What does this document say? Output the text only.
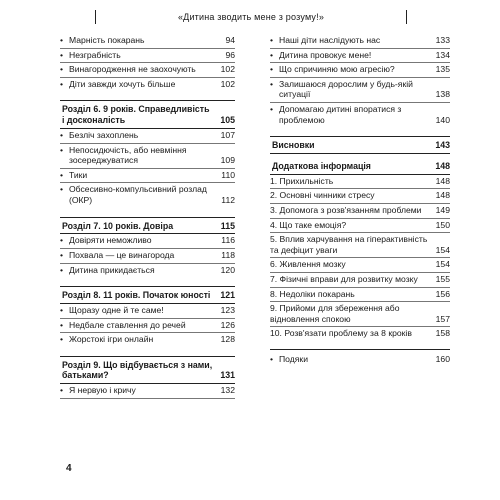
«Дитина зводить мене з розуму!»
• Марність покарань	94
• Незграбність	96
• Винагородження не заохочують	102
• Діти завжди хочуть більше	102
Розділ 6. 9 років. Справедливість і досконалість	105
• Безліч захоплень	107
• Непосидючість, або невміння зосереджуватися	109
• Тики	110
• Обсесивно-компульсивний розлад (ОКР)	112
Розділ 7. 10 років. Довіра	115
• Довіряти неможливо	116
• Похвала — це винагорода	118
• Дитина прикидається	120
Розділ 8. 11 років. Початок юності 121
• Щоразу одне й те саме!	123
• Недбале ставлення до речей	126
• Жорстокі ігри онлайн	128
Розділ 9. Що відбувається з нами, батьками?	131
• Я нервую і кричу	132
• Наші діти наслідують нас	133
• Дитина провокує мене!	134
• Що спричиняю мою агресію?	135
• Залишаюся дорослим у будь-якій ситуації	138
• Допомагаю дитині впоратися з проблемою	140
Висновки	143
Додаткова інформація	148
1. Прихильність	148
2. Основні чинники стресу	148
3. Допомога з розв'язанням проблеми 149
4. Що таке емоція?	150
5. Вплив харчування на гіперактивність та дефіцит уваги	154
6. Живлення мозку	154
7. Фізичні вправи для розвитку мозку 155
8. Недоліки покарань	156
9. Прийоми для збереження або відновлення спокою	157
10. Розв'язати проблему за 8 кроків	158
• Подяки	160
4
